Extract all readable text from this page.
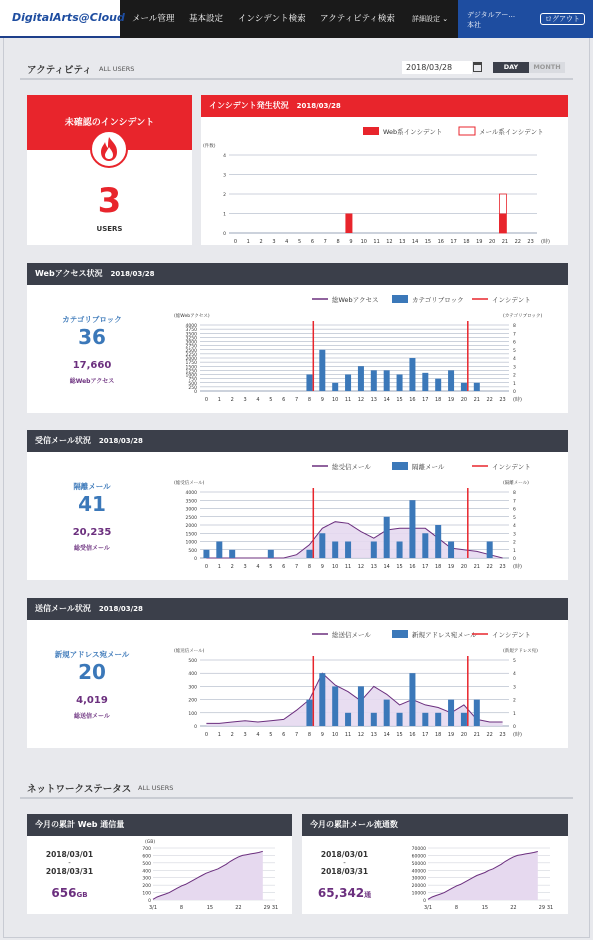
DigitalArts@Cloud メール管理 基本設定 インシデント検索 アクティビティ検索 詳細設定 ⌄	デジタルアー...
本社
ログアウト
アクティビティ ALL USERS	2018/03/28	DAY	MONTH
未確認のインシデント
3
USERS
インシデント発生状況 2018/03/28
Web系インシデント	メール系インシデント
0
1
2
3
4
(件数)
0 1 2 3 4 5 6 7 8 9 10 11 12 13 14 15 16 17 18 19 20 21 22 23 (時)
Webアクセス状況 2018/03/28
カテゴリブロック
36
17,660
総Webアクセス
総Webアクセス	カテゴリブロック	インシデント
0
250
500
750
1000
1250
1500
1750
2000
2250
2500
2750
3000
3250
3500
3750
4000
0
1
2
3
4
5
6
7
8
(総Webアクセス)	(カテゴリブロック)
0 1 2 3 4 5 6 7 8 9 10 11 12 13 14 15 16 17 18 19 20 21 22 23 (時)
受信メール状況 2018/03/28
隔離メール
41
20,235
総受信メール
総受信メール	隔離メール	インシデント
0
500
1000
1500
2000
2500
3000
3500
4000
0
1
2
3
4
5
6
7
8
(総受信メール)	(隔離メール)
0 1 2 3 4 5 6 7 8 9 10 11 12 13 14 15 16 17 18 19 20 21 22 23 (時)
送信メール状況 2018/03/28
新規アドレス宛メール
20
4,019
総送信メール
総送信メール	新規アドレス宛メール インシデント
0
100
200
300
400
500
0
1
2
3
4
5
(総送信メール)	(新規アドレス宛)
0 1 2 3 4 5 6 7 8 9 10 11 12 13 14 15 16 17 18 19 20 21 22 23 (時)
ネットワークステータス ALL USERS
今月の累計 Web 通信量
2018/03/01
-
2018/03/31
656GB
0
100
200
300
400
500
600
700
(GB)
3/1	8	15	22	29 31
今月の累計メール流通数
2018/03/01
-
2018/03/31
65,342通
0
10000
20000
30000
40000
50000
60000
70000
3/1	8	15	22	29 31
